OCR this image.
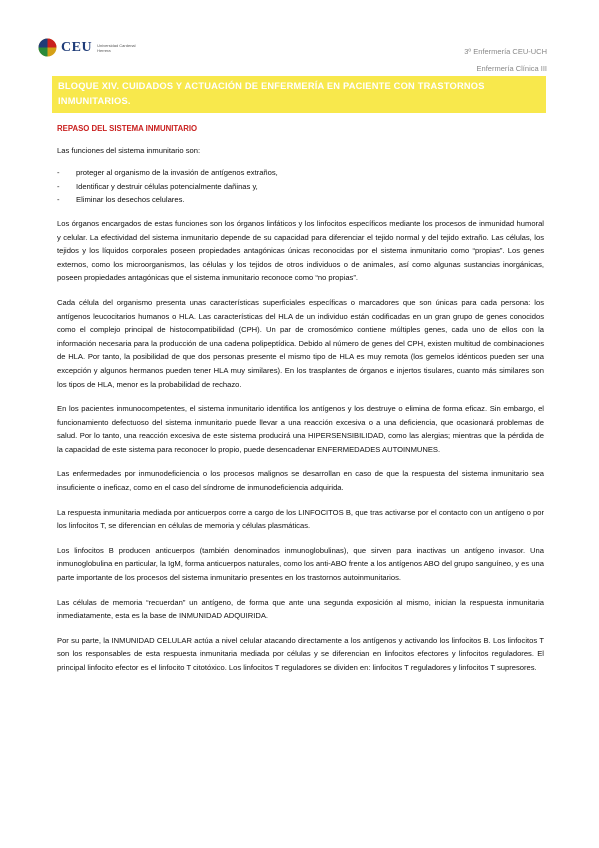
CEU Universidad Cardenal Herrera	3º Enfermería CEU-UCH
Enfermería Clínica III
BLOQUE XIV. CUIDADOS Y ACTUACIÓN DE ENFERMERÍA EN PACIENTE CON TRASTORNOS INMUNITARIOS.
REPASO DEL SISTEMA INMUNITARIO

Las funciones del sistema inmunitario son:

- proteger al organismo de la invasión de antígenos extraños,
- Identificar y destruir células potencialmente dañinas y,
- Eliminar los desechos celulares.

Los órganos encargados de estas funciones son los órganos linfáticos y los linfocitos específicos mediante los procesos de inmunidad humoral y celular. La efectividad del sistema inmunitario depende de su capacidad para diferenciar el tejido normal y del tejido extraño. Las células, los tejidos y los líquidos corporales poseen propiedades antagónicas únicas reconocidas por el sistema inmunitario como “propias”. Los genes externos, como los microorganismos, las células y los tejidos de otros individuos o de animales, así como algunas sustancias inorgánicas, poseen propiedades antagónicas que el sistema inmunitario reconoce como “no propias”.

Cada célula del organismo presenta unas características superficiales específicas o marcadores que son únicas para cada persona: los antígenos leucocitarios humanos o HLA. Las características del HLA de un individuo están codificadas en un gran grupo de genes conocidos como el complejo principal de histocompatibilidad (CPH). Un par de cromosómico contiene múltiples genes, cada uno de ellos con la información necesaria para la producción de una cadena polipeptídica. Debido al número de genes del CPH, existen multitud de combinaciones de HLA. Por tanto, la posibilidad de que dos personas presente el mismo tipo de HLA es muy remota (los gemelos idénticos pueden ser una excepción y algunos hermanos pueden tener HLA muy similares). En los trasplantes de órganos e injertos tisulares, cuanto más similares son los tipos de HLA, menor es la probabilidad de rechazo.

En los pacientes inmunocompetentes, el sistema inmunitario identifica los antígenos y los destruye o elimina de forma eficaz. Sin embargo, el funcionamiento defectuoso del sistema inmunitario puede llevar a una reacción excesiva o a una deficiencia, que ocasionará problemas de salud. Por lo tanto, una reacción excesiva de este sistema producirá una HIPERSENSIBILIDAD, como las alergias; mientras que la pérdida de la capacidad de este sistema para reconocer lo propio, puede desencadenar ENFERMEDADES AUTOINMUNES.

Las enfermedades por inmunodeficiencia o los procesos malignos se desarrollan en caso de que la respuesta del sistema inmunitario sea insuficiente o ineficaz, como en el caso del síndrome de inmunodeficiencia adquirida.

La respuesta inmunitaria mediada por anticuerpos corre a cargo de los LINFOCITOS B, que tras activarse por el contacto con un antígeno o por los linfocitos T, se diferencian en células de memoria y células plasmáticas.

Los linfocitos B producen anticuerpos (también denominados inmunoglobulinas), que sirven para inactivas un antígeno invasor. Una inmunoglobulina en particular, la IgM, forma anticuerpos naturales, como los anti-ABO frente a los antígenos ABO del grupo sanguíneo, y es una parte importante de los procesos del sistema inmunitario presentes en los trastornos autoinmunitarios.

Las células de memoria “recuerdan” un antígeno, de forma que ante una segunda exposición al mismo, inician la respuesta inmunitaria inmediatamente, esta es la base de INMUNIDAD ADQUIRIDA.

Por su parte, la INMUNIDAD CELULAR actúa a nivel celular atacando directamente a los antígenos y activando los linfocitos B. Los linfocitos T son los responsables de esta respuesta inmunitaria mediada por células y se diferencian en linfocitos efectores y linfocitos reguladores. El principal linfocito efector es el linfocito T citotóxico. Los linfocitos T reguladores se dividen en: linfocitos T reguladores y linfocitos T supresores.
